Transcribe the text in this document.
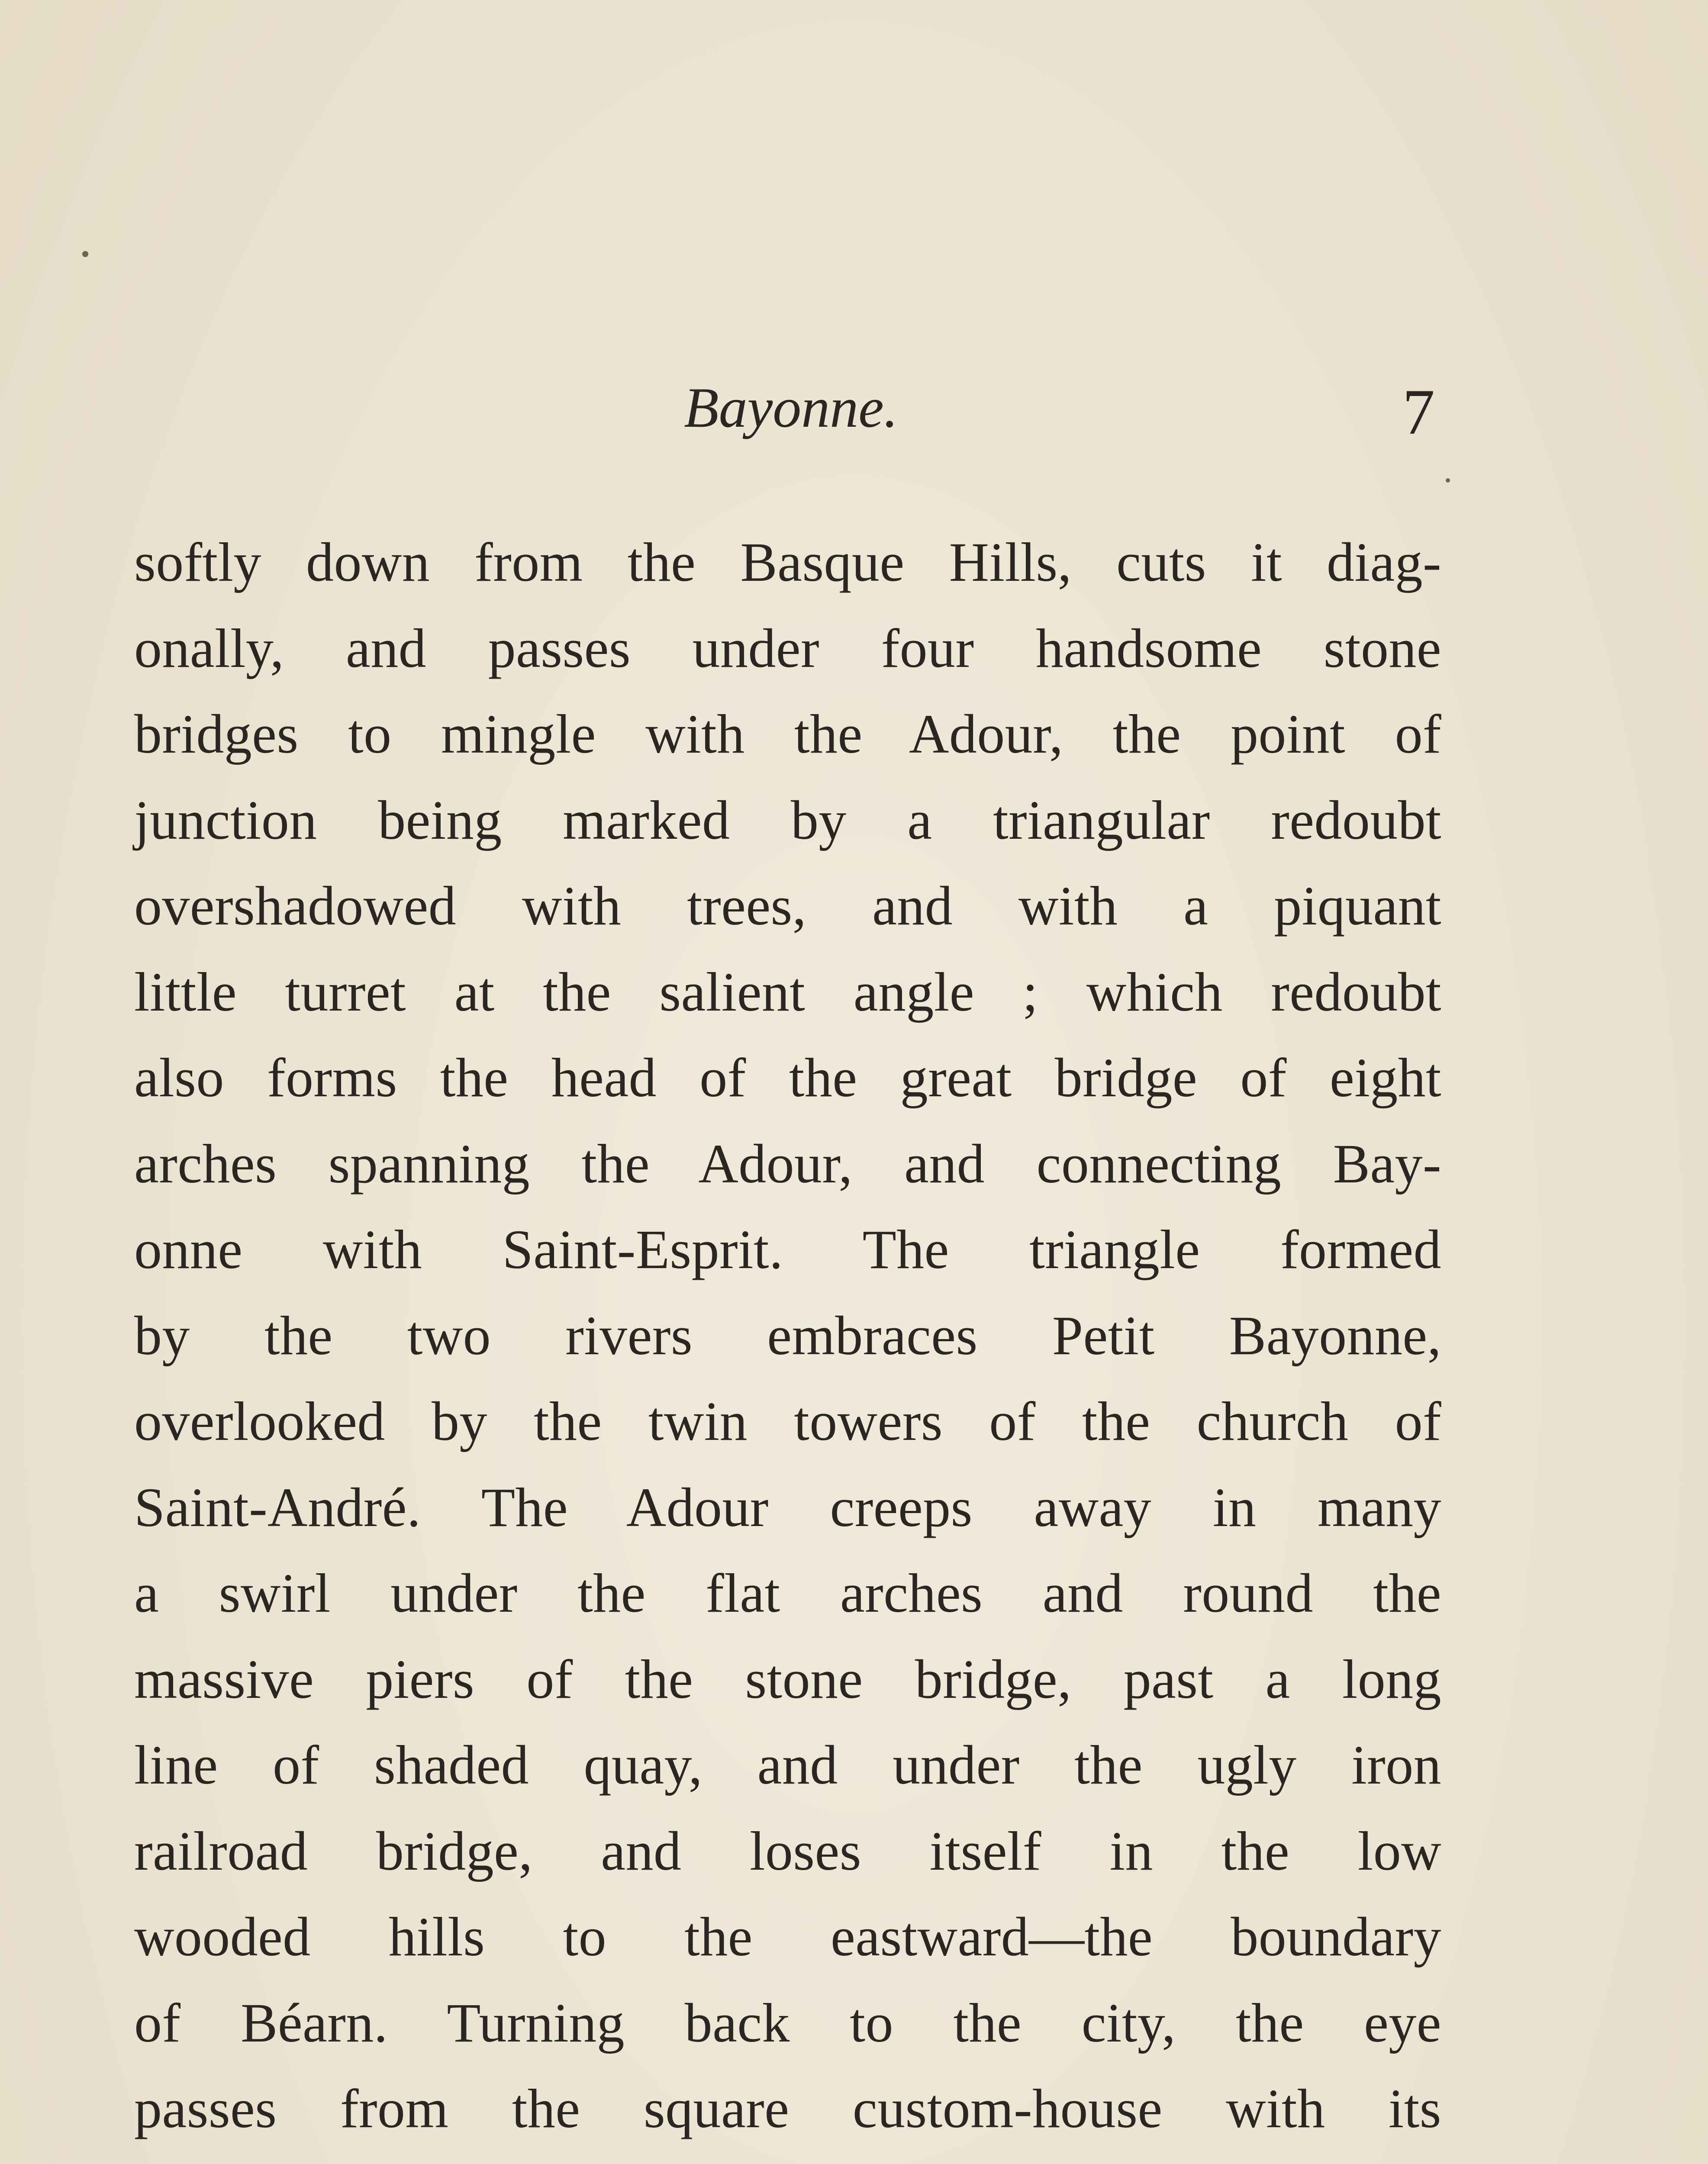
Bayonne.	7
softly down from the Basque Hills, cuts it diag-
onally, and passes under four handsome stone
bridges to mingle with the Adour, the point of
junction being marked by a triangular redoubt
overshadowed with trees, and with a piquant
little turret at the salient angle ; which redoubt
also forms the head of the great bridge of eight
arches spanning the Adour, and connecting Bay-
onne with Saint-Esprit. The triangle formed
by the two rivers embraces Petit Bayonne,
overlooked by the twin towers of the church of
Saint-André. The Adour creeps away in many
a swirl under the flat arches and round the
massive piers of the stone bridge, past a long
line of shaded quay, and under the ugly iron
railroad bridge, and loses itself in the low
wooded hills to the eastward—the boundary
of Béarn. Turning back to the city, the eye
passes from the square custom-house with its
